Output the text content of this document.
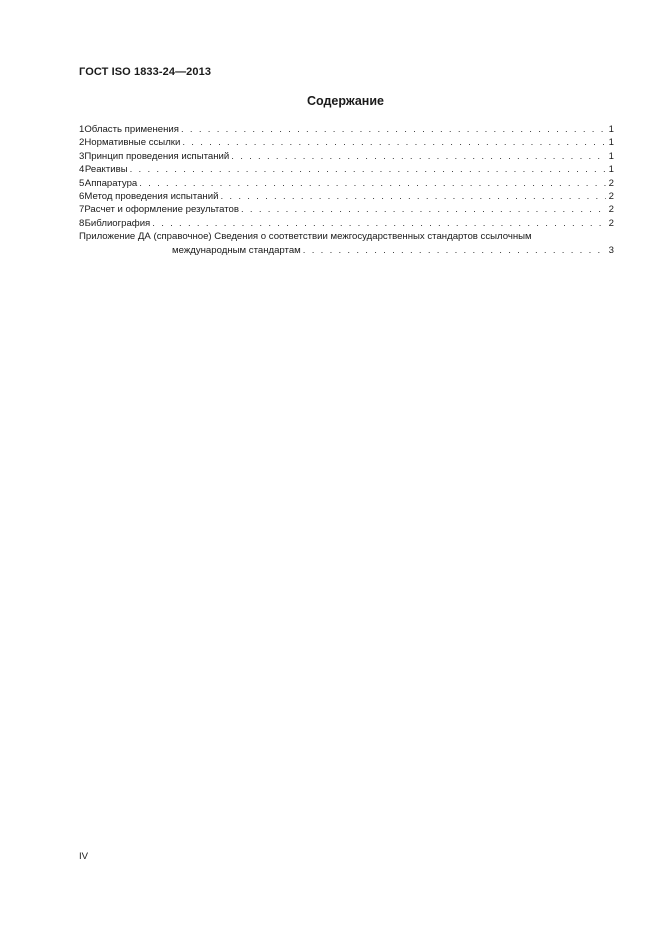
ГОСТ ISO 1833-24—2013
Содержание
1 Область применения . . .	1
2 Нормативные ссылки . . .	1
3 Принцип проведения испытаний . . .	1
4 Реактивы . . .	1
5 Аппаратура . . .	2
6 Метод проведения испытаний . . .	2
7 Расчет и оформление результатов . . .	2
8 Библиография . . .	2
Приложение ДА (справочное) Сведения о соответствии межгосударственных стандартов ссылочным
международным стандартам . . .	3
IV
